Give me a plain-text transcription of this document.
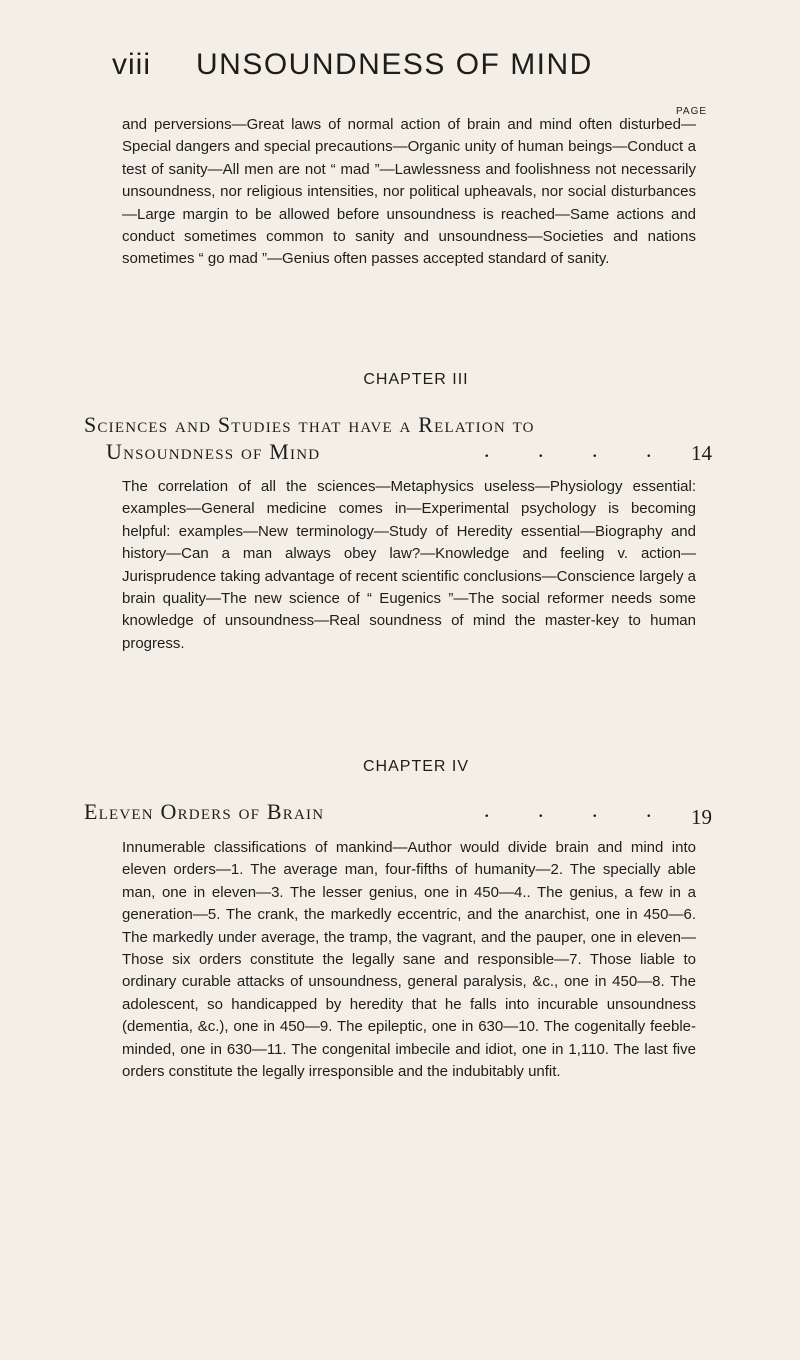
viii UNSOUNDNESS OF MIND
PAGE

and perversions—Great laws of normal action of brain and mind often disturbed—Special dangers and special precautions—Organic unity of human beings—Conduct a test of sanity—All men are not “ mad ”—Lawlessness and foolishness not necessarily unsoundness, nor religious intensities, nor political upheavals, nor social disturbances—Large margin to be allowed before unsoundness is reached—Same actions and conduct sometimes common to sanity and unsoundness—Societies and nations sometimes “ go mad ”—Genius often passes accepted standard of sanity.

CHAPTER III
Sciences and Studies that have a Relation to
Unsoundness of Mind	. . . .	14

The correlation of all the sciences—Metaphysics useless—Physiology essential: examples—General medicine comes in—Experimental psychology is becoming helpful: examples—New terminology—Study of Heredity essential—Biography and history—Can a man always obey law?—Knowledge and feeling v. action—Jurisprudence taking advantage of recent scientific conclusions—Conscience largely a brain quality—The new science of “ Eugenics ”—The social reformer needs some knowledge of unsoundness—Real soundness of mind the master-key to human progress.

CHAPTER IV
Eleven Orders of Brain	. . . .	19

Innumerable classifications of mankind—Author would divide brain and mind into eleven orders—1. The average man, four-fifths of humanity—2. The specially able man, one in eleven—3. The lesser genius, one in 450—4.. The genius, a few in a generation—5. The crank, the markedly eccentric, and the anarchist, one in 450—6. The markedly under average, the tramp, the vagrant, and the pauper, one in eleven—Those six orders constitute the legally sane and responsible—7. Those liable to ordinary curable attacks of unsoundness, general paralysis, &c., one in 450—8. The adolescent, so handicapped by heredity that he falls into incurable unsoundness (dementia, &c.), one in 450—9. The epileptic, one in 630—10. The cogenitally feeble-minded, one in 630—11. The congenital imbecile and idiot, one in 1,110. The last five orders constitute the legally irresponsible and the indubitably unfit.
